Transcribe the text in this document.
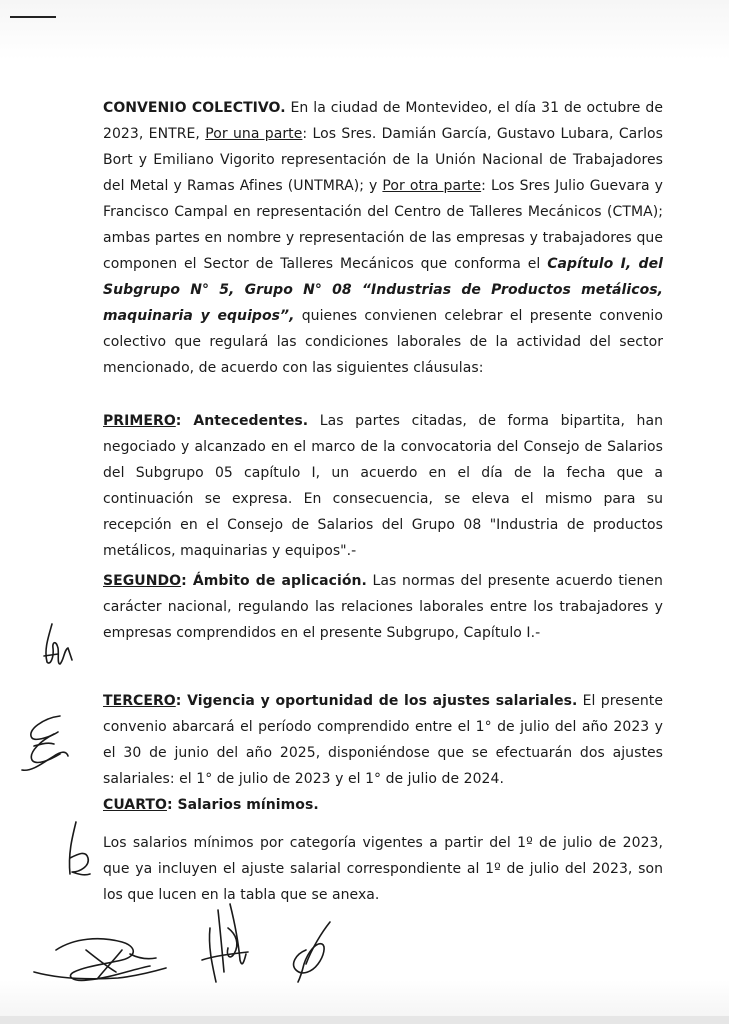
CONVENIO COLECTIVO. En la ciudad de Montevideo, el día 31 de octubre de 2023, ENTRE, Por una parte: Los Sres. Damián García, Gustavo Lubara, Carlos Bort y Emiliano Vigorito representación de la Unión Nacional de Trabajadores del Metal y Ramas Afines (UNTMRA); y Por otra parte: Los Sres Julio Guevara y Francisco Campal en representación del Centro de Talleres Mecánicos (CTMA); ambas partes en nombre y representación de las empresas y trabajadores que componen el Sector de Talleres Mecánicos que conforma el Capítulo I, del Subgrupo N° 5, Grupo N° 08 “Industrias de Productos metálicos, maquinaria y equipos”, quienes convienen celebrar el presente convenio colectivo que regulará las condiciones laborales de la actividad del sector mencionado, de acuerdo con las siguientes cláusulas:

PRIMERO: Antecedentes. Las partes citadas, de forma bipartita, han negociado y alcanzado en el marco de la convocatoria del Consejo de Salarios del Subgrupo 05 capítulo I, un acuerdo en el día de la fecha que a continuación se expresa. En consecuencia, se eleva el mismo para su recepción en el Consejo de Salarios del Grupo 08 "Industria de productos metálicos, maquinarias y equipos".-

SEGUNDO: Ámbito de aplicación. Las normas del presente acuerdo tienen carácter nacional, regulando las relaciones laborales entre los trabajadores y empresas comprendidos en el presente Subgrupo, Capítulo I.-

TERCERO: Vigencia y oportunidad de los ajustes salariales. El presente convenio abarcará el período comprendido entre el 1° de julio del año 2023 y el 30 de junio del año 2025, disponiéndose que se efectuarán dos ajustes salariales: el 1° de julio de 2023 y el 1° de julio de 2024.

CUARTO: Salarios mínimos.

Los salarios mínimos por categoría vigentes a partir del 1º de julio de 2023, que ya incluyen el ajuste salarial correspondiente al 1º de julio del 2023, son los que lucen en la tabla que se anexa.
